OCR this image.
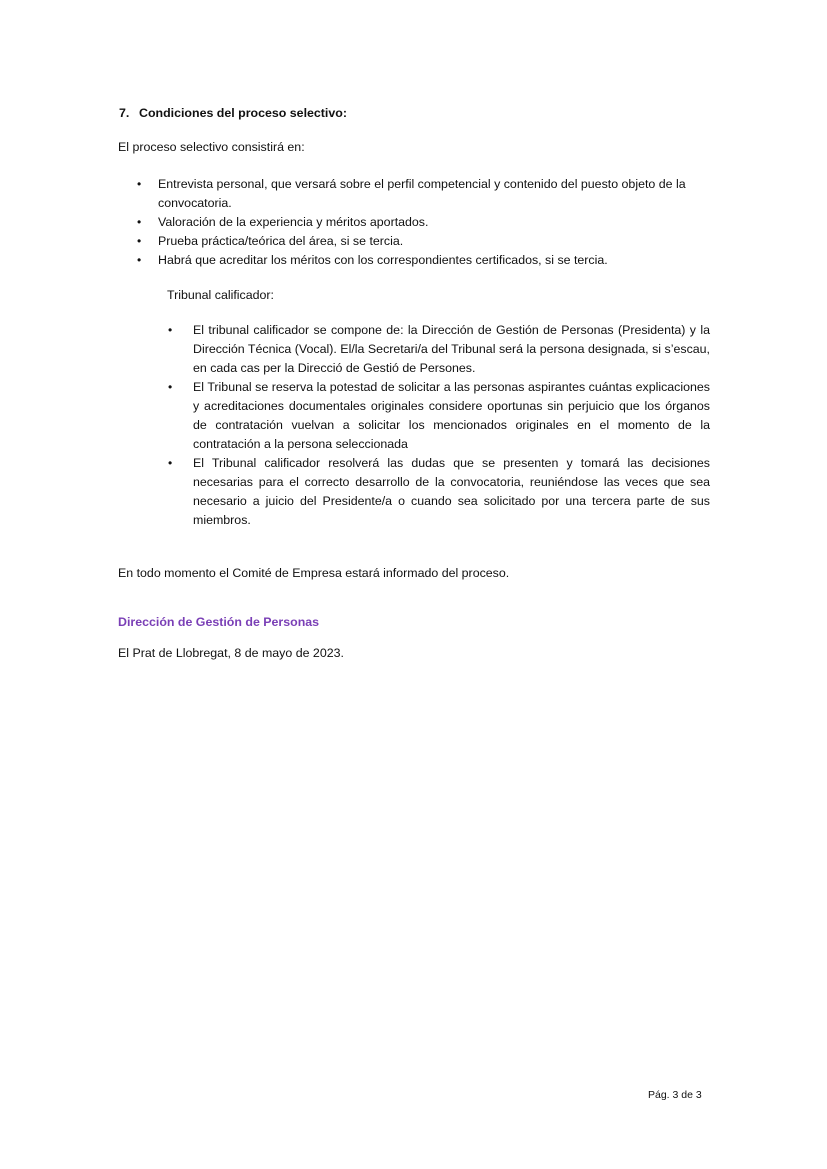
7. Condiciones del proceso selectivo:
El proceso selectivo consistirá en:
• Entrevista personal, que versará sobre el perfil competencial y contenido del puesto objeto de la convocatoria.
• Valoración de la experiencia y méritos aportados.
• Prueba práctica/teórica del área, si se tercia.
• Habrá que acreditar los méritos con los correspondientes certificados, si se tercia.
Tribunal calificador:
• El tribunal calificador se compone de: la Dirección de Gestión de Personas (Presidenta) y la Dirección Técnica (Vocal). El/la Secretari/a del Tribunal será la persona designada, si s’escau, en cada cas per la Direcció de Gestió de Persones.
• El Tribunal se reserva la potestad de solicitar a las personas aspirantes cuántas explicaciones y acreditaciones documentales originales considere oportunas sin perjuicio que los órganos de contratación vuelvan a solicitar los mencionados originales en el momento de la contratación a la persona seleccionada
• El Tribunal calificador resolverá las dudas que se presenten y tomará las decisiones necesarias para el correcto desarrollo de la convocatoria, reuniéndose las veces que sea necesario a juicio del Presidente/a o cuando sea solicitado por una tercera parte de sus miembros.
En todo momento el Comité de Empresa estará informado del proceso.
Dirección de Gestión de Personas
El Prat de Llobregat, 8 de mayo de 2023.
Pág. 3 de 3
